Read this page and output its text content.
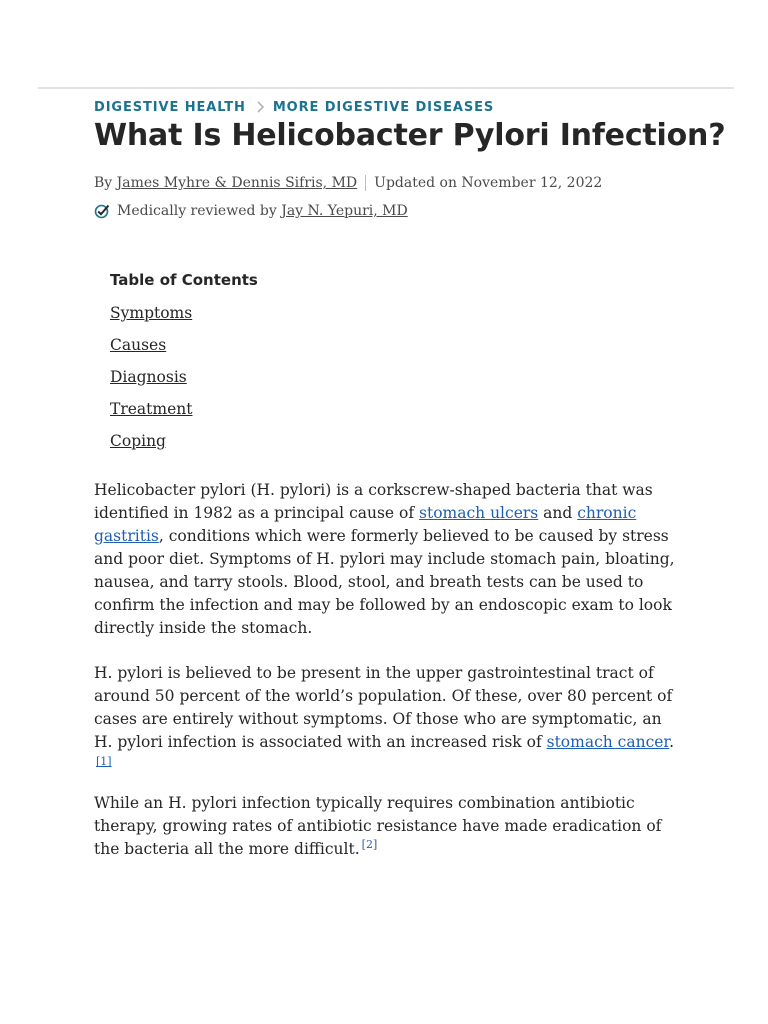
DIGESTIVE HEALTH MORE DIGESTIVE DISEASES
What Is Helicobacter Pylori Infection?
By
James Myhre & Dennis Sifris, MD Updated on November 12, 2022
Medically reviewed by
Jay N. Yepuri, MD
Table of Contents
Symptoms
Causes
Diagnosis
Treatment
Coping

Helicobacter pylori (H. pylori) is a corkscrew-shaped bacteria that was identified in 1982 as a principal cause of stomach ulcers and chronic gastritis, conditions which were formerly believed to be caused by stress and poor diet. Symptoms of H. pylori may include stomach pain, bloating, nausea, and tarry stools. Blood, stool, and breath tests can be used to confirm the infection and may be followed by an endoscopic exam to look directly inside the stomach.

H. pylori is believed to be present in the upper gastrointestinal tract of around 50 percent of the world’s population. Of these, over 80 percent of cases are entirely without symptoms. Of those who are symptomatic, an H. pylori infection is associated with an increased risk of stomach cancer.
[1]

While an H. pylori infection typically requires combination antibiotic therapy, growing rates of antibiotic resistance have made eradication of the bacteria all the more difficult. [2]
